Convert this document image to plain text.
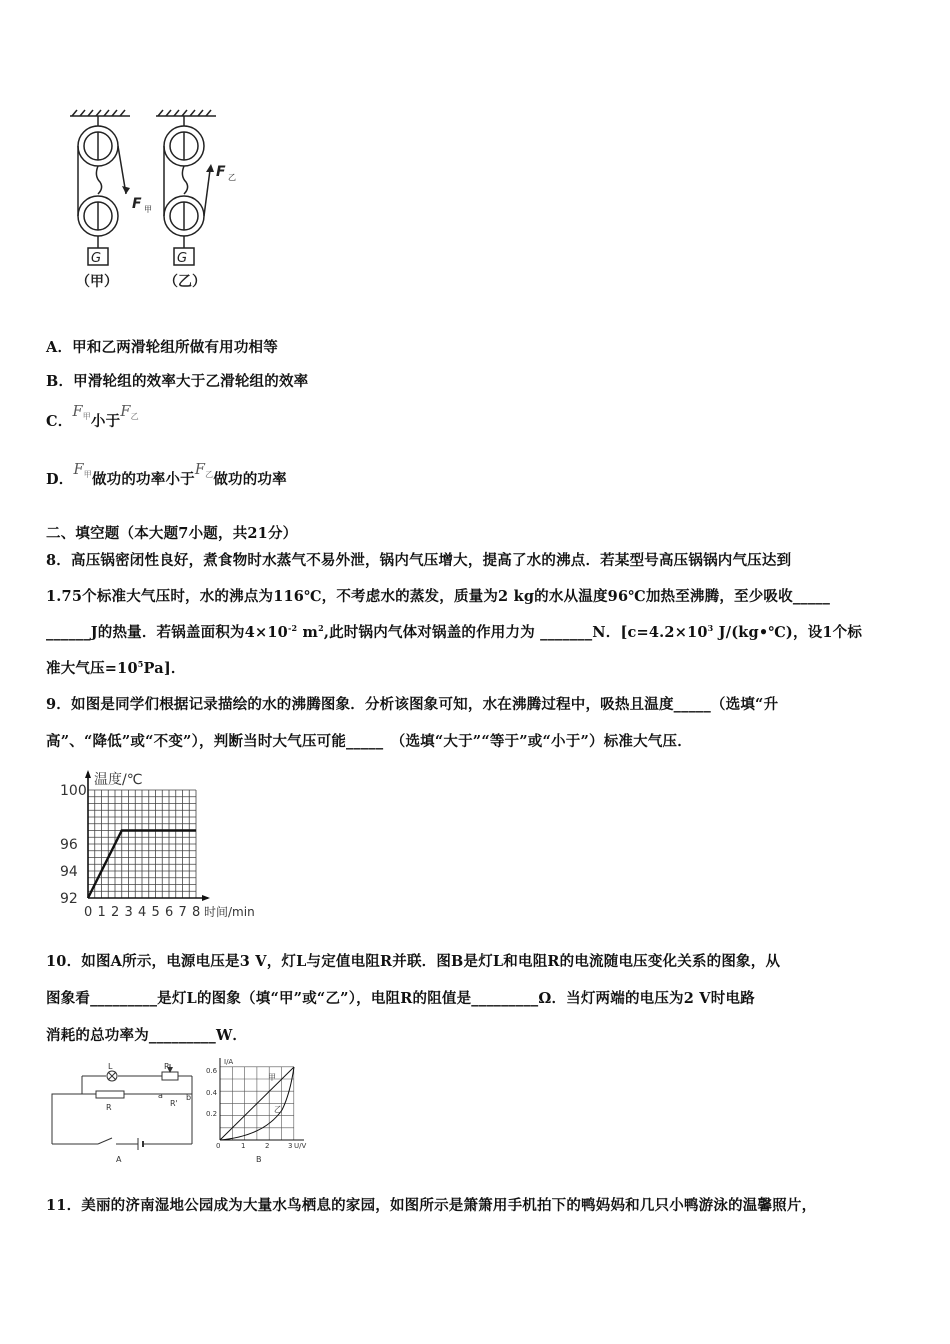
F 甲
G
（甲）
F 乙
G
（乙）
A．甲和乙两滑轮组所做有用功相等
B．甲滑轮组的效率大于乙滑轮组的效率
C．$F^甲$小于$F^乙$
D．$F^甲$做功的功率小于$F^乙$做功的功率
二、填空题（本大题7小题，共21分）
8．高压锅密闭性良好，煮食物时水蒸气不易外泄，锅内气压增大，提高了水的沸点．若某型号高压锅锅内气压达到
1.75个标准大气压时，水的沸点为116℃，不考虑水的蒸发，质量为2 kg的水从温度96℃加热至沸腾，至少吸收_____
______J的热量．若锅盖面积为$4\times 10^{-2}$ $m^2$,此时锅内气体对锅盖的作用力为 _______N．[$c=4.2\times 10^3$ J/(kg•℃)，设1个标
准大气压$=10^5Pa$]．
9．如图是同学们根据记录描绘的水的沸腾图象．分析该图象可知，水在沸腾过程中，吸热且温度_____（选填“升
高”、“降低”或“不变”），判断当时大气压可能_____　（选填“大于”“等于”或“小于”）标准大气压．
100
96
94
92
0 1 2 3 4 5 6 7 8
温度/℃
时间/min
10．如图A所示，电源电压是3 V，灯L与定值电阻R并联．图B是灯L和电阻R的电流随电压变化关系的图象，从
图象看_________是灯L的图象（填“甲”或“乙”），电阻R的阻值是_________Ω．当灯两端的电压为2 V时电路
消耗的总功率为_________W．
L
R
R
R'
a	b
A
I/A
U/V
0.6
0.4
0.2
0	1	2	3
甲
乙
B
11．美丽的济南湿地公园成为大量水鸟栖息的家园，如图所示是箫箫用手机拍下的鸭妈妈和几只小鸭游泳的温馨照片，
